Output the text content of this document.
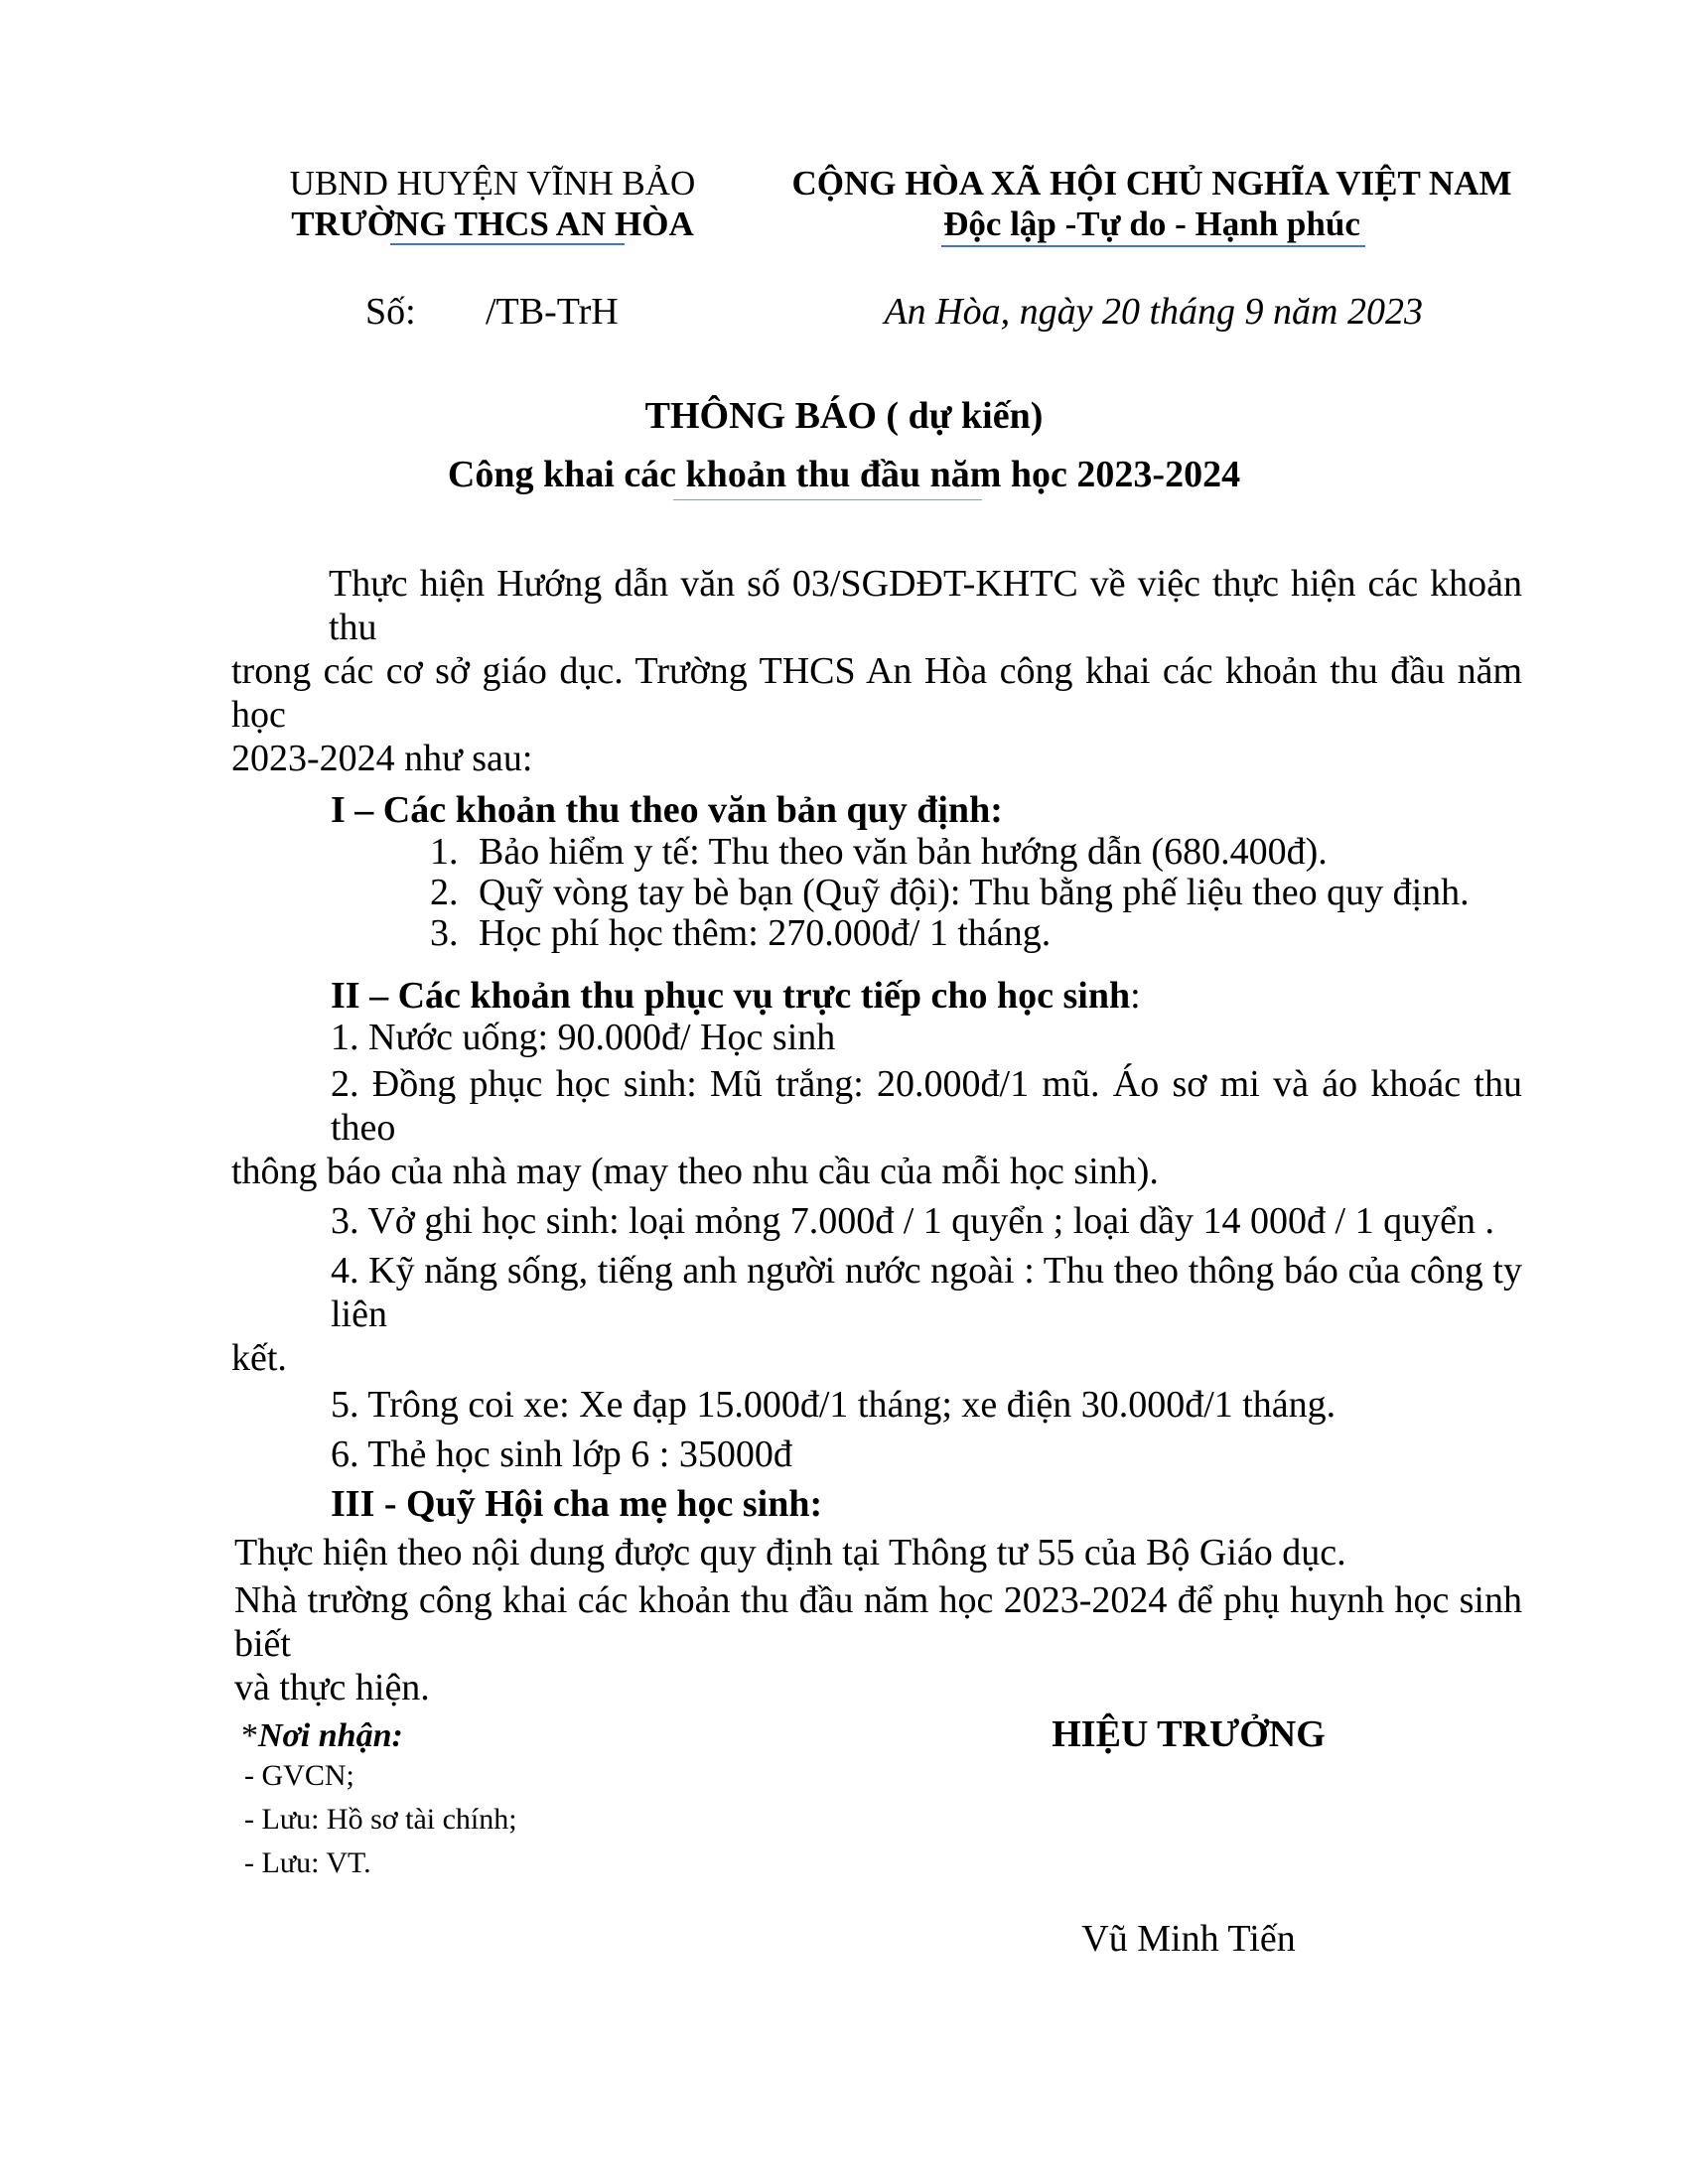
UBND HUYỆN VĨNH BẢO
TRƯỜNG THCS AN HÒA
CỘNG HÒA XÃ HỘI CHỦ NGHĨA VIỆT NAM
Độc lập -Tự do - Hạnh phúc
Số: /TB-TrH	An Hòa, ngày 20 tháng 9 năm 2023
THÔNG BÁO ( dự kiến)
Công khai các khoản thu đầu năm học 2023-2024
Thực hiện Hướng dẫn văn số 03/SGDĐT-KHTC về việc thực hiện các khoản thu
trong các cơ sở giáo dục. Trường THCS An Hòa công khai các khoản thu đầu năm học
2023-2024 như sau:
I – Các khoản thu theo văn bản quy định:
1. Bảo hiểm y tế: Thu theo văn bản hướng dẫn (680.400đ).
2. Quỹ vòng tay bè bạn (Quỹ đội): Thu bằng phế liệu theo quy định.
3. Học phí học thêm: 270.000đ/ 1 tháng.
II – Các khoản thu phục vụ trực tiếp cho học sinh:
1. Nước uống: 90.000đ/ Học sinh
2. Đồng phục học sinh: Mũ trắng: 20.000đ/1 mũ. Áo sơ mi và áo khoác thu theo
thông báo của nhà may (may theo nhu cầu của mỗi học sinh).
3. Vở ghi học sinh: loại mỏng 7.000đ / 1 quyển ; loại dầy 14 000đ / 1 quyển .
4. Kỹ năng sống, tiếng anh người nước ngoài : Thu theo thông báo của công ty liên
kết.
5. Trông coi xe: Xe đạp 15.000đ/1 tháng; xe điện 30.000đ/1 tháng.
6. Thẻ học sinh lớp 6 : 35000đ
III - Quỹ Hội cha mẹ học sinh:
Thực hiện theo nội dung được quy định tại Thông tư 55 của Bộ Giáo dục.
Nhà trường công khai các khoản thu đầu năm học 2023-2024 để phụ huynh học sinh biết
và thực hiện.
*Nơi nhận:	HIỆU TRƯỞNG
- GVCN;
- Lưu: Hồ sơ tài chính;
- Lưu: VT.
Vũ Minh Tiến
